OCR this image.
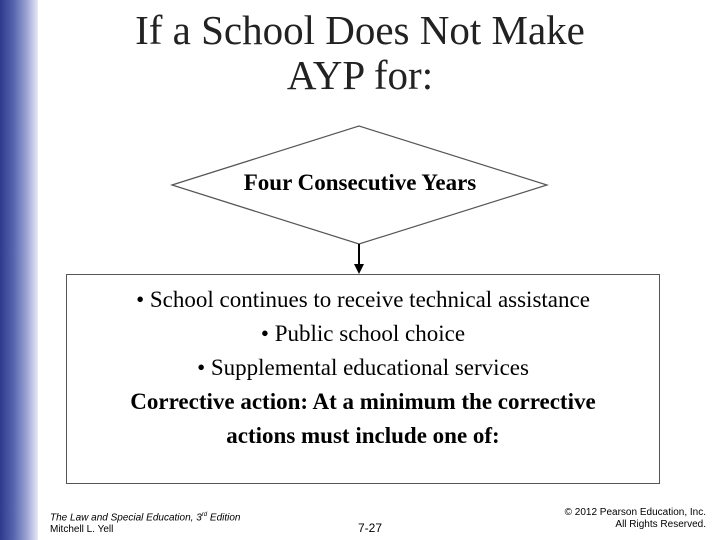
If a School Does Not Make
AYP for:
Four Consecutive Years
• School continues to receive technical assistance
• Public school choice
• Supplemental educational services
Corrective action: At a minimum the corrective
actions must include one of:
The Law and Special Education, 3rd Edition
Mitchell L. Yell	7-27
© 2012 Pearson Education, Inc.
All Rights Reserved.
